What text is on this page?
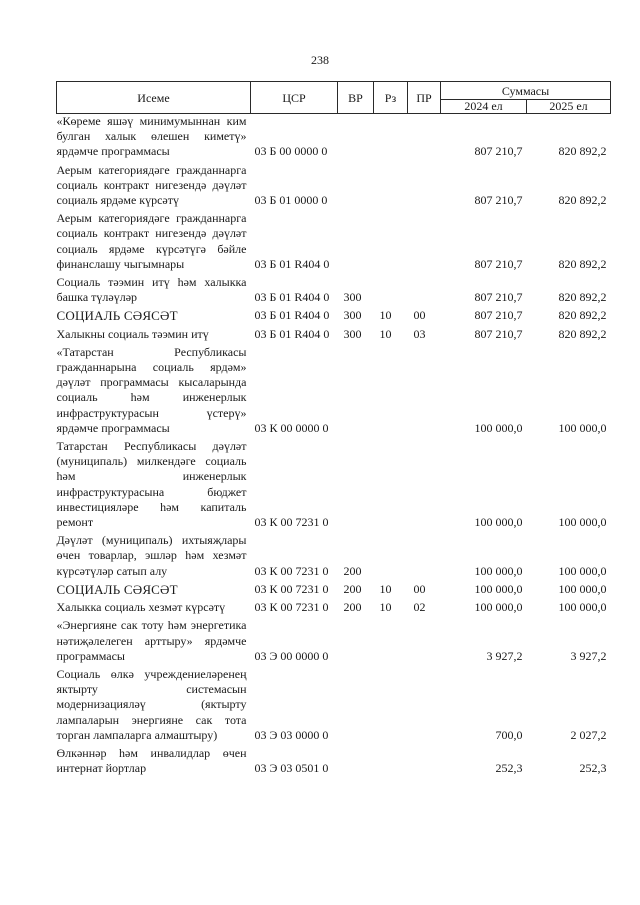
238
Исеме	ЦСР	ВР	Рз	ПР	Суммасы	
					2024 ел	2025 ел
«Көреме яшәү минимумыннан ким булган халык өлешен киметү» ярдәмче программасы	03 Б 00 0000 0				807 210,7	820 892,2
Аерым категориядәге гражданнарга социаль контракт нигезендә дәүләт социаль ярдәме күрсәтү	03 Б 01 0000 0				807 210,7	820 892,2
Аерым категориядәге гражданнарга социаль контракт нигезендә дәүләт социаль ярдәме күрсәтүгә бәйле финанслашу чыгымнары	03 Б 01 R404 0				807 210,7	820 892,2
Социаль тәэмин итү һәм халыкка башка түләүләр	03 Б 01 R404 0	300			807 210,7	820 892,2
СОЦИАЛЬ СӘЯСӘТ	03 Б 01 R404 0	300	10	00	807 210,7	820 892,2
Халыкны социаль тәэмин итү	03 Б 01 R404 0	300	10	03	807 210,7	820 892,2
«Татарстан Республикасы гражданнарына социаль ярдәм» дәүләт программасы кысаларында социаль һәм инженерлык инфраструктурасын үстерү» ярдәмче программасы	03 К 00 0000 0				100 000,0	100 000,0
Татарстан Республикасы дәүләт (муниципаль) милкендәге социаль һәм инженерлык инфраструктурасына бюджет инвестицияләре һәм капиталь ремонт	03 К 00 7231 0				100 000,0	100 000,0
Дәүләт (муниципаль) ихтыяҗлары өчен товарлар, эшләр һәм хезмәт күрсәтүләр сатып алу	03 К 00 7231 0	200			100 000,0	100 000,0
СОЦИАЛЬ СӘЯСӘТ	03 К 00 7231 0	200	10	00	100 000,0	100 000,0
Халыкка социаль хезмәт күрсәтү	03 К 00 7231 0	200	10	02	100 000,0	100 000,0
«Энергияне сак тоту һәм энергетика нәтиҗәлелеген арттыру» ярдәмче программасы	03 Э 00 0000 0				3 927,2	3 927,2
Социаль өлкә учреждениеләренең яктырту системасын модернизацияләү (яктырту лампаларын энергияне сак тота торган лампаларга алмаштыру)	03 Э 03 0000 0				700,0	2 027,2
Өлкәннәр һәм инвалидлар өчен интернат йортлар	03 Э 03 0501 0				252,3	252,3
